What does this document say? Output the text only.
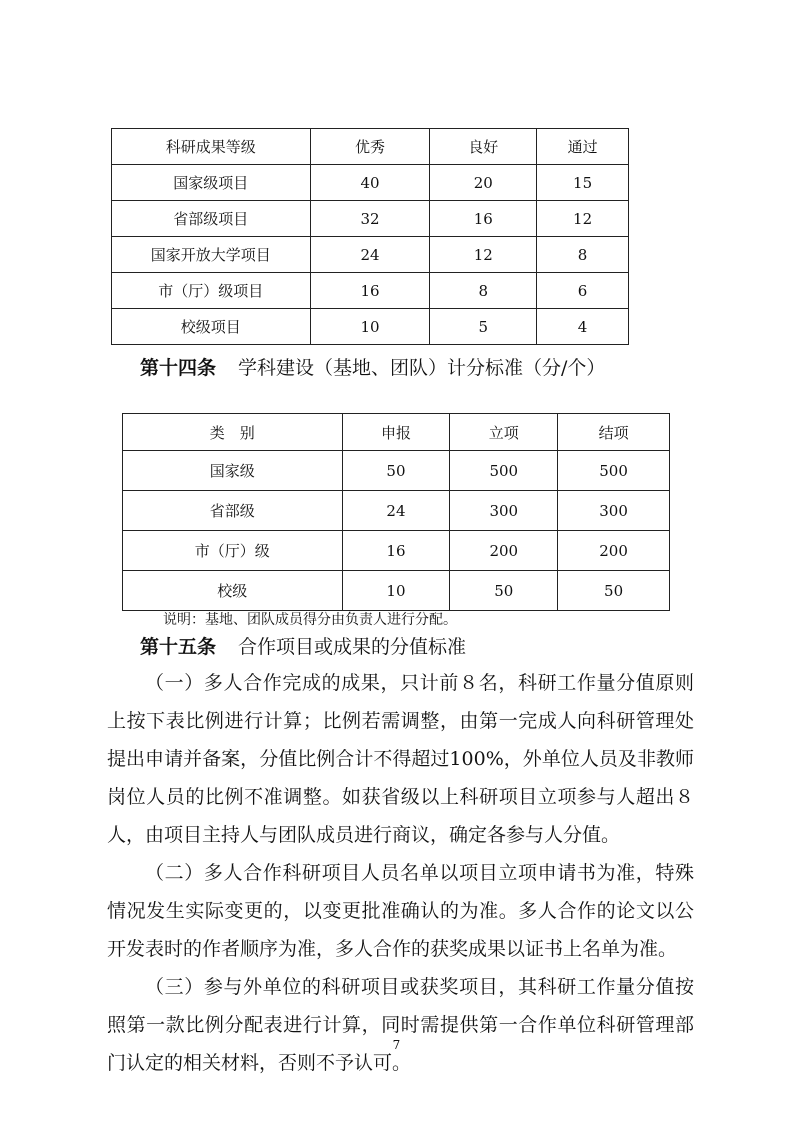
科研成果等级	优秀	良好	通过
国家级项目	40	20	15
省部级项目	32	16	12
国家开放大学项目	24	12	8
市（厅）级项目	16	8	6
校级项目	10	5	4
第十四条 学科建设（基地、团队）计分标准（分/个）
类　别	申报	立项	结项
国家级	50	500	500
省部级	24	300	300
市（厅）级	16	200	200
校级	10	50	50
说明：基地、团队成员得分由负责人进行分配。
第十五条 合作项目或成果的分值标准

（一）多人合作完成的成果，只计前８名，科研工作量分值原则上按下表比例进行计算；比例若需调整，由第一完成人向科研管理处提出申请并备案，分值比例合计不得超过100%，外单位人员及非教师岗位人员的比例不准调整。如获省级以上科研项目立项参与人超出８人，由项目主持人与团队成员进行商议，确定各参与人分值。

（二）多人合作科研项目人员名单以项目立项申请书为准，特殊情况发生实际变更的，以变更批准确认的为准。多人合作的论文以公开发表时的作者顺序为准，多人合作的获奖成果以证书上名单为准。

（三）参与外单位的科研项目或获奖项目，其科研工作量分值按照第一款比例分配表进行计算，同时需提供第一合作单位科研管理部门认定的相关材料，否则不予认可。

7
